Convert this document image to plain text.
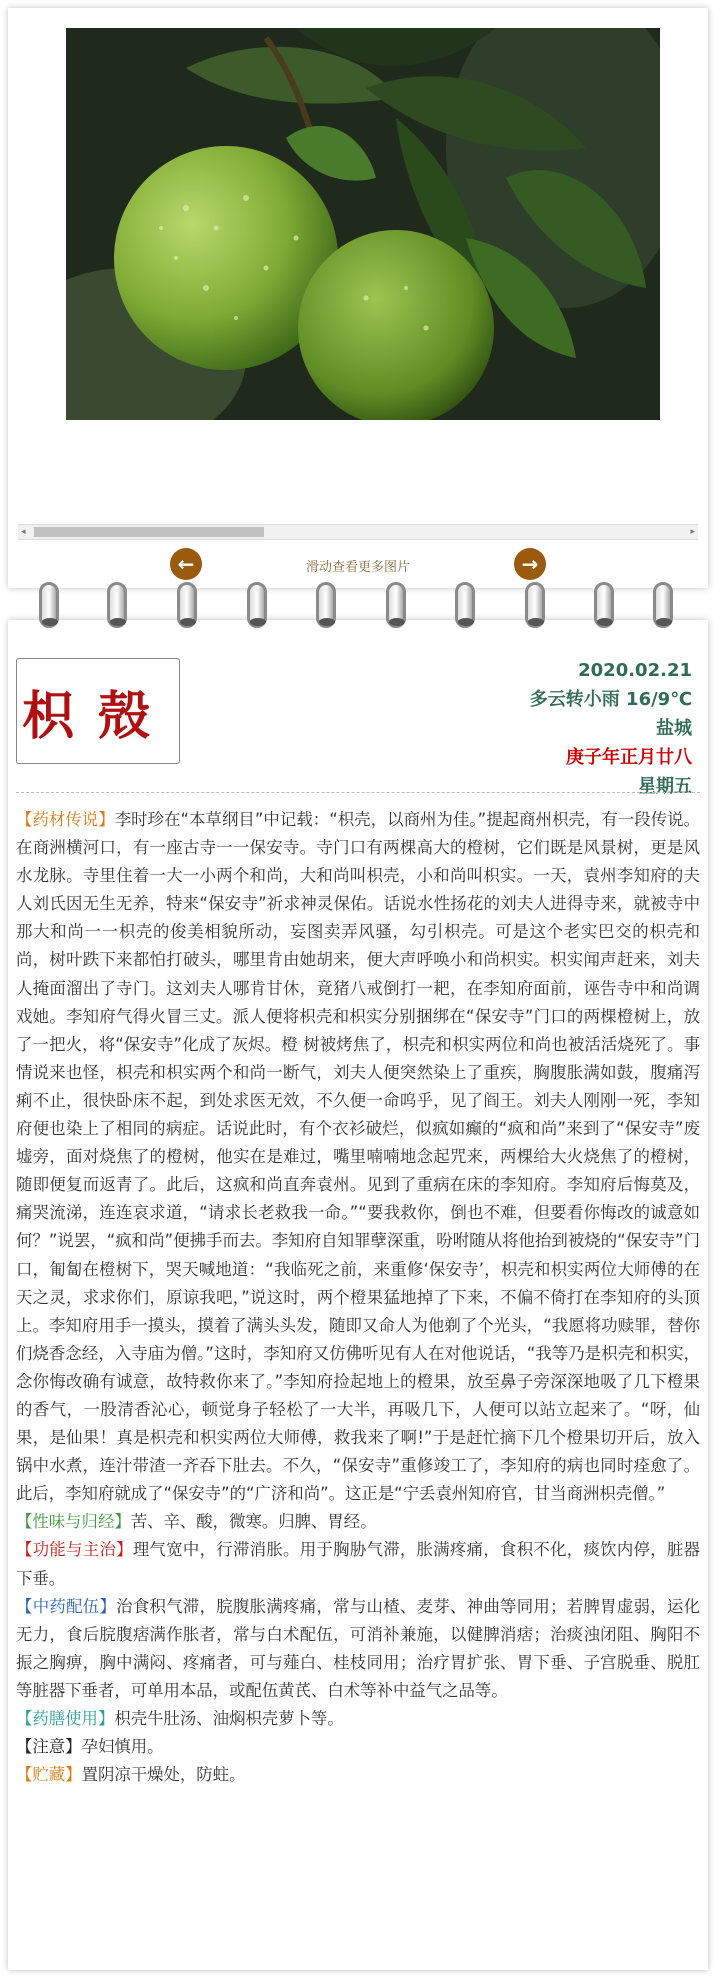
◂	▸
←	滑动查看更多图片	→
枳殻
2020.02.21
多云转小雨 16/9℃
盐城
庚子年正月廿八
星期五

【药材传说】李时珍在“本草纲目”中记载：“枳壳，以商州为佳。”提起商州枳壳，有一段传说。在商洲横河口，有一座古寺一一保安寺。寺门口有两棵高大的橙树，它们既是风景树，更是风水龙脉。寺里住着一大一小两个和尚，大和尚叫枳壳，小和尚叫枳实。一天，袁州李知府的夫人刘氏因无生无养，特来“保安寺”祈求神灵保佑。话说水性扬花的刘夫人进得寺来，就被寺中那大和尚一一枳壳的俊美相貌所动，妄图卖弄风骚，勾引枳壳。可是这个老实巴交的枳壳和尚，树叶跌下来都怕打破头，哪里肯由她胡来，便大声呼唤小和尚枳实。枳实闻声赶来，刘夫人掩面溜出了寺门。这刘夫人哪肯甘休，竟猪八戒倒打一耙，在李知府面前，诬告寺中和尚调戏她。李知府气得火冒三丈。派人便将枳壳和枳实分别捆绑在“保安寺”门口的两棵橙树上，放了一把火，将“保安寺”化成了灰烬。橙 树被烤焦了，枳壳和枳实两位和尚也被活活烧死了。事情说来也怪，枳壳和枳实两个和尚一断气，刘夫人便突然染上了重疾，胸腹胀满如鼓，腹痛泻痢不止，很快卧床不起，到处求医无效，不久便一命呜乎，见了阎王。刘夫人刚刚一死，李知府便也染上了相同的病症。话说此时，有个衣衫破烂，似疯如癫的“疯和尚”来到了“保安寺”废墟旁，面对烧焦了的橙树，他实在是难过，嘴里喃喃地念起咒来，两棵给大火烧焦了的橙树，随即便复而返青了。此后，这疯和尚直奔袁州。见到了重病在床的李知府。李知府后悔莫及，痛哭流涕，连连哀求道，“请求长老救我一命。”“要我救你，倒也不难，但要看你悔改的诚意如何？”说罢，“疯和尚”便拂手而去。李知府自知罪孽深重，吩咐随从将他抬到被烧的“保安寺”门口，匍匐在橙树下，哭天喊地道：“我临死之前，来重修‘保安寺’，枳壳和枳实两位大师傅的在天之灵，求求你们，原谅我吧，”说这时，两个橙果猛地掉了下来，不偏不倚打在李知府的头顶上。李知府用手一摸头，摸着了满头头发，随即又命人为他剃了个光头，“我愿将功赎罪，替你们烧香念经，入寺庙为僧。”这时，李知府又仿佛听见有人在对他说话，“我等乃是枳壳和枳实，念你悔改确有诚意，故特救你来了。”李知府捡起地上的橙果，放至鼻子旁深深地吸了几下橙果的香气，一股清香沁心，顿觉身子轻松了一大半，再吸几下，人便可以站立起来了。“呀，仙果，是仙果！真是枳壳和枳实两位大师傅，救我来了啊!”于是赶忙摘下几个橙果切开后，放入锅中水煮，连汁带渣一齐吞下肚去。不久，“保安寺”重修竣工了，李知府的病也同时痊愈了。此后，李知府就成了“保安寺”的“广济和尚”。这正是“宁丢袁州知府官，甘当商洲枳壳僧。”

【性味与归经】苦、辛、酸，微寒。归脾、胃经。

【功能与主治】理气宽中，行滞消胀。用于胸胁气滞，胀满疼痛，食积不化，痰饮内停，脏器下垂。

【中药配伍】治食积气滞，脘腹胀满疼痛，常与山楂、麦芽、神曲等同用；若脾胃虚弱，运化无力，食后脘腹痞满作胀者，常与白术配伍，可消补兼施，以健脾消痞；治痰浊闭阻、胸阳不振之胸痹，胸中满闷、疼痛者，可与薤白、桂枝同用；治疗胃扩张、胃下垂、子宫脱垂、脱肛等脏器下垂者，可单用本品，或配伍黄芪、白术等补中益气之品等。

【药膳使用】枳壳牛肚汤、油焖枳壳萝卜等。

【注意】孕妇慎用。

【贮藏】置阴凉干燥处，防蛀。
